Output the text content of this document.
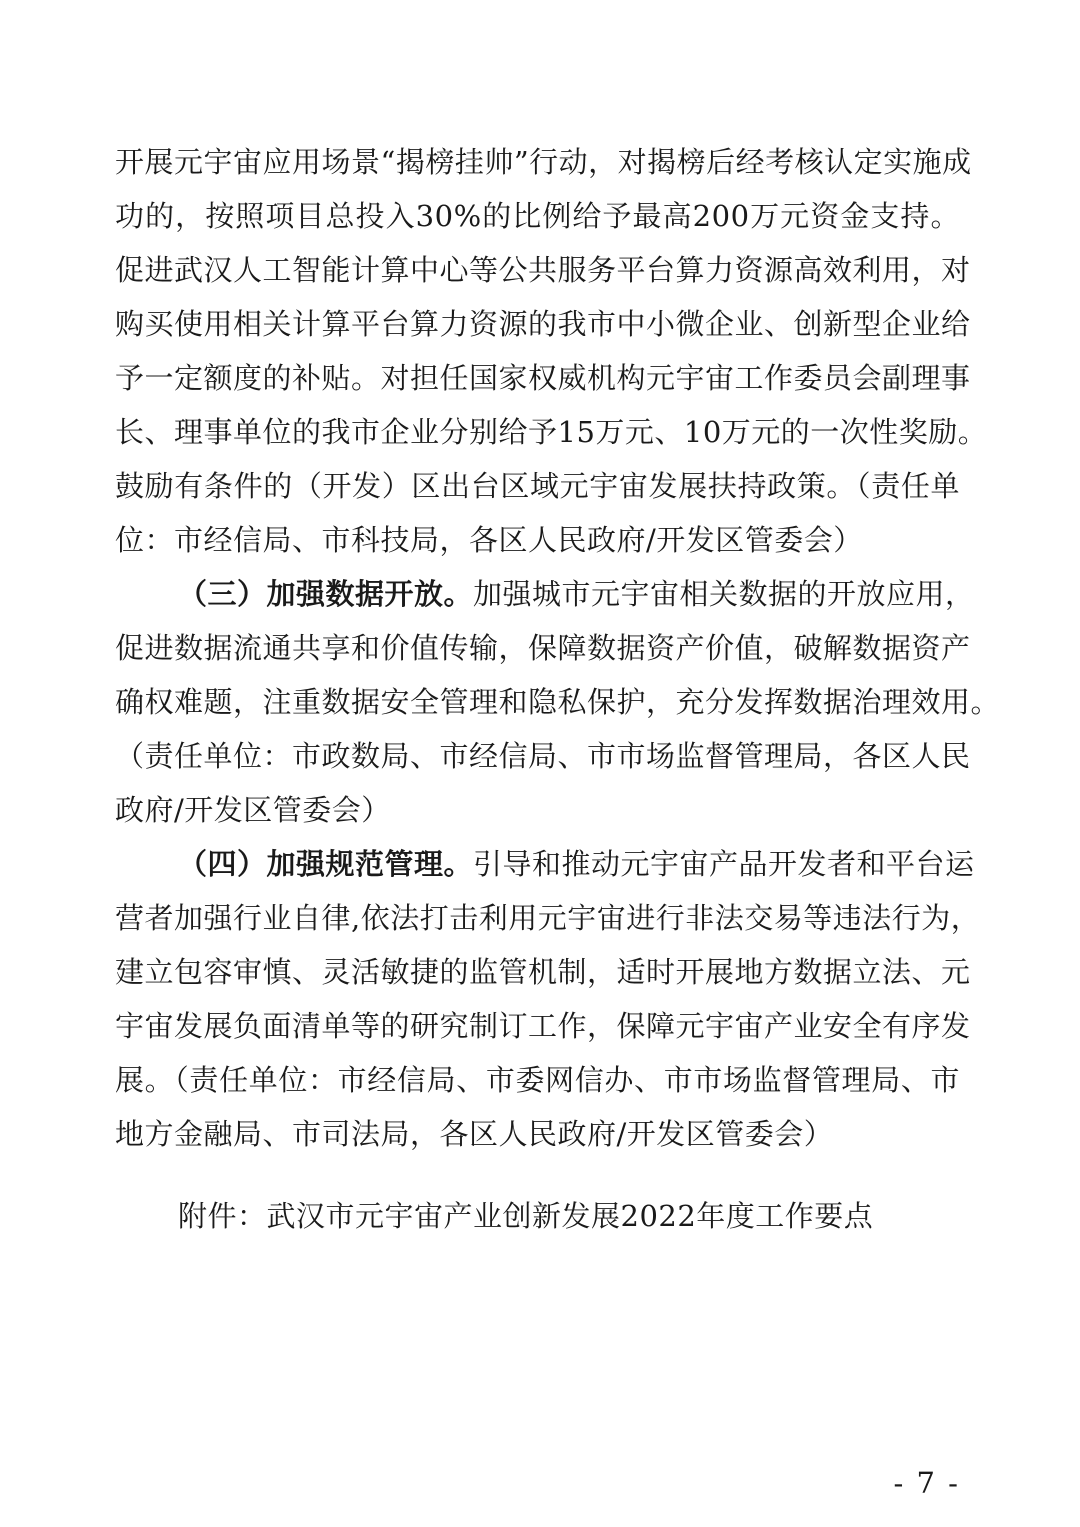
开展元宇宙应用场景“揭榜挂帅”行动，对揭榜后经考核认定实施成
功的，按照项目总投入30%的比例给予最高200万元资金支持。
促进武汉人工智能计算中心等公共服务平台算力资源高效利用，对
购买使用相关计算平台算力资源的我市中小微企业、创新型企业给
予一定额度的补贴。对担任国家权威机构元宇宙工作委员会副理事
长、理事单位的我市企业分别给予15万元、10万元的一次性奖励。
鼓励有条件的（开发）区出台区域元宇宙发展扶持政策。（责任单
位：市经信局、市科技局，各区人民政府/开发区管委会）
（三）加强数据开放。加强城市元宇宙相关数据的开放应用，
促进数据流通共享和价值传输，保障数据资产价值，破解数据资产
确权难题，注重数据安全管理和隐私保护，充分发挥数据治理效用。
（责任单位：市政数局、市经信局、市市场监督管理局，各区人民
政府/开发区管委会）
（四）加强规范管理。引导和推动元宇宙产品开发者和平台运
营者加强行业自律,依法打击利用元宇宙进行非法交易等违法行为，
建立包容审慎、灵活敏捷的监管机制，适时开展地方数据立法、元
宇宙发展负面清单等的研究制订工作，保障元宇宙产业安全有序发
展。（责任单位：市经信局、市委网信办、市市场监督管理局、市
地方金融局、市司法局，各区人民政府/开发区管委会）
附件：武汉市元宇宙产业创新发展2022年度工作要点
- 7 -
